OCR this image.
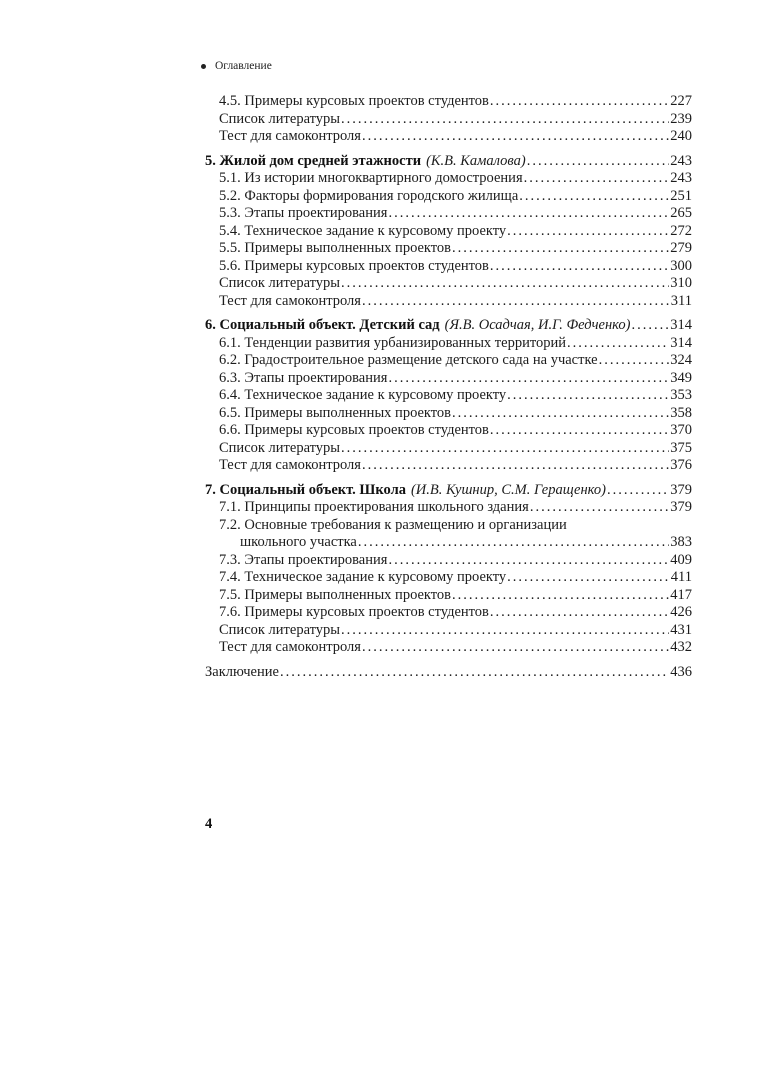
Оглавление
4.5. Примеры курсовых проектов студентов .....	227
Список литературы .....	239
Тест для самоконтроля .....	240
5. Жилой дом средней этажности (К.В. Камалова) .....	243
5.1. Из истории многоквартирного домостроения .....	243
5.2. Факторы формирования городского жилища .....	251
5.3. Этапы проектирования .....	265
5.4. Техническое задание к курсовому проекту .....	272
5.5. Примеры выполненных проектов .....	279
5.6. Примеры курсовых проектов студентов .....	300
Список литературы .....	310
Тест для самоконтроля .....	311
6. Социальный объект. Детский сад (Я.В. Осадчая, И.Г. Федченко) .....	314
6.1. Тенденции развития урбанизированных территорий .....	314
6.2. Градостроительное размещение детского сада на участке .....	324
6.3. Этапы проектирования .....	349
6.4. Техническое задание к курсовому проекту .....	353
6.5. Примеры выполненных проектов .....	358
6.6. Примеры курсовых проектов студентов .....	370
Список литературы .....	375
Тест для самоконтроля .....	376
7. Социальный объект. Школа (И.В. Кушнир, С.М. Геращенко) .....	379
7.1. Принципы проектирования школьного здания .....	379
7.2. Основные требования к размещению и организации
школьного участка .....	383
7.3. Этапы проектирования .....	409
7.4. Техническое задание к курсовому проекту .....	411
7.5. Примеры выполненных проектов .....	417
7.6. Примеры курсовых проектов студентов .....	426
Список литературы .....	431
Тест для самоконтроля .....	432
Заключение .....	436
4
